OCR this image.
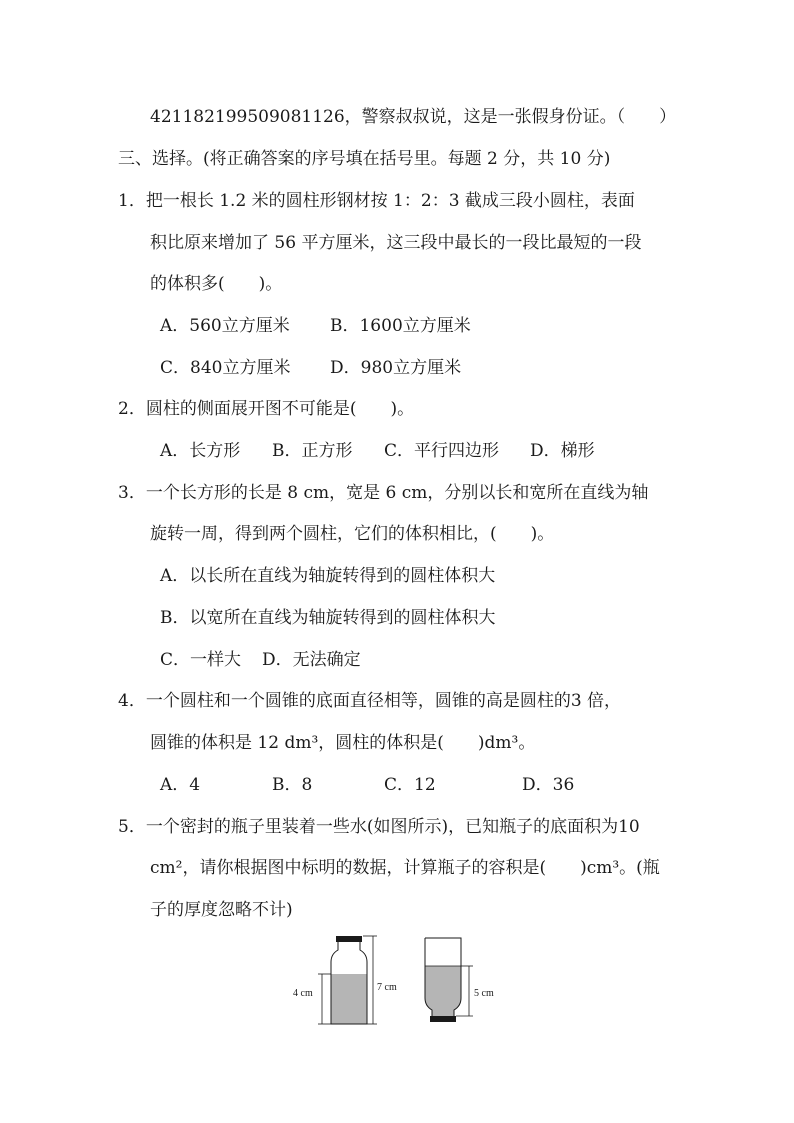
421182199509081126，警察叔叔说，这是一张假身份证。（　　）
三、选择。(将正确答案的序号填在括号里。每题 2 分，共 10 分)
1．把一根长 1.2 米的圆柱形钢材按 1：2：3 截成三段小圆柱，表面
积比原来增加了 56 平方厘米，这三段中最长的一段比最短的一段
的体积多(　　)。
A．560立方厘米 B．1600立方厘米
C．840立方厘米 D．980立方厘米
2．圆柱的侧面展开图不可能是(　　)。
A．长方形 B．正方形 C．平行四边形 D．梯形
3．一个长方形的长是 8 cm，宽是 6 cm，分别以长和宽所在直线为轴
旋转一周，得到两个圆柱，它们的体积相比，(　　)。
A．以长所在直线为轴旋转得到的圆柱体积大
B．以宽所在直线为轴旋转得到的圆柱体积大
C．一样大 D．无法确定
4．一个圆柱和一个圆锥的底面直径相等，圆锥的高是圆柱的3 倍，
圆锥的体积是 12 dm³，圆柱的体积是(　　)dm³。
A．4	B．8	C．12	D．36
5．一个密封的瓶子里装着一些水(如图所示)，已知瓶子的底面积为10
cm²，请你根据图中标明的数据，计算瓶子的容积是(　　)cm³。(瓶
子的厚度忽略不计)
4 cm
7 cm
5 cm
